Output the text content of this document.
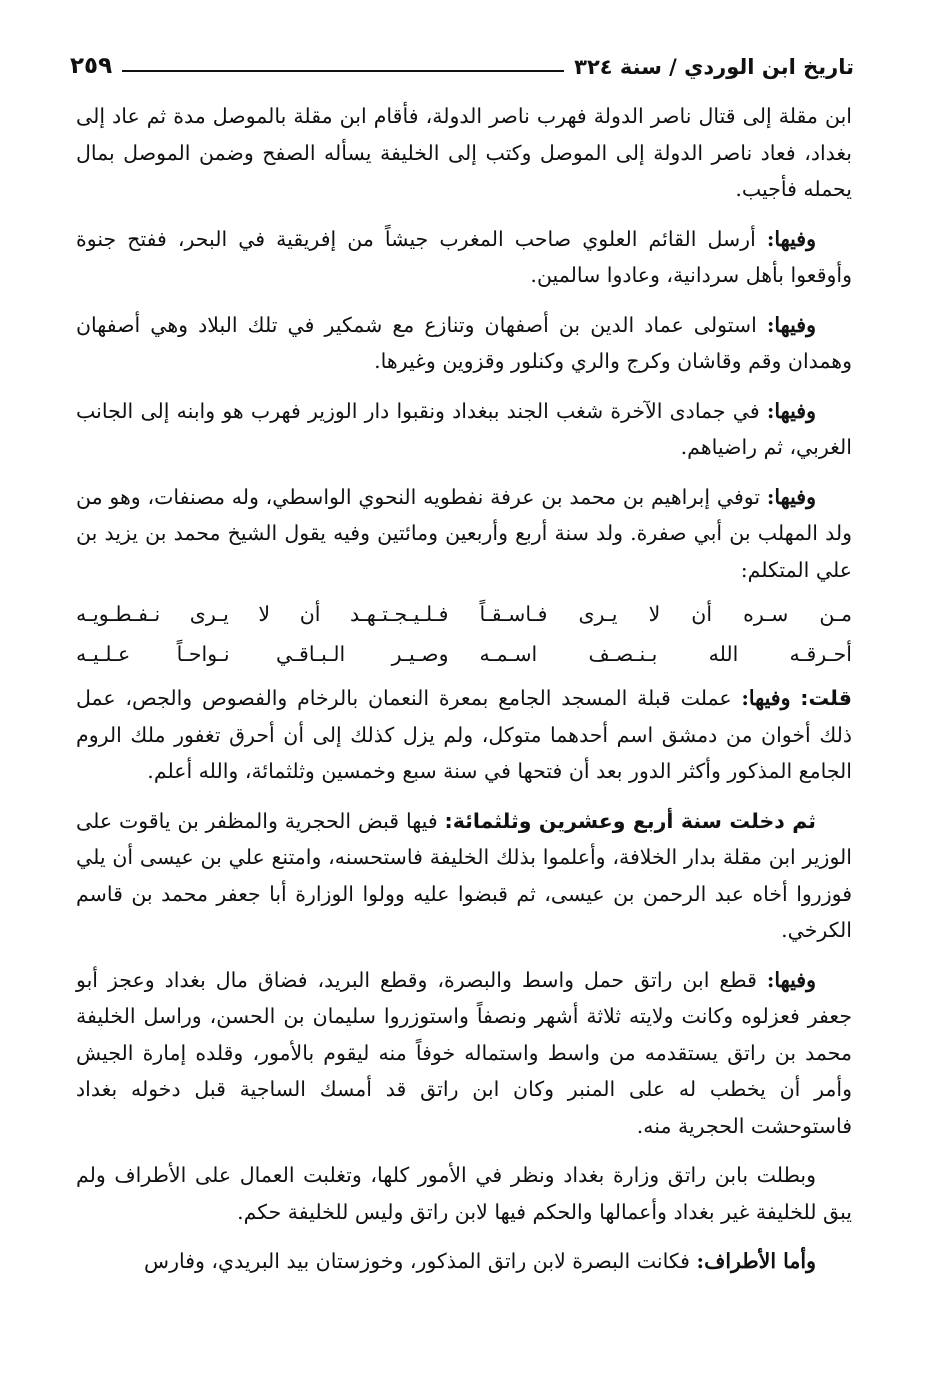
تاريخ ابن الوردي / سنة ٣٢٤
٢٥٩

ابن مقلة إلى قتال ناصر الدولة فهرب ناصر الدولة، فأقام ابن مقلة بالموصل مدة ثم عاد إلى بغداد، فعاد ناصر الدولة إلى الموصل وكتب إلى الخليفة يسأله الصفح وضمن الموصل بمال يحمله فأجيب.

وفيها: أرسل القائم العلوي صاحب المغرب جيشاً من إفريقية في البحر، ففتح جنوة وأوقعوا بأهل سردانية، وعادوا سالمين.

وفيها: استولى عماد الدين بن أصفهان وتنازع مع شمكير في تلك البلاد وهي أصفهان وهمدان وقم وقاشان وكرج والري وكنلور وقزوين وغيرها.

وفيها: في جمادى الآخرة شغب الجند ببغداد ونقبوا دار الوزير فهرب هو وابنه إلى الجانب الغربي، ثم راضياهم.

وفيها: توفي إبراهيم بن محمد بن عرفة نفطويه النحوي الواسطي، وله مصنفات، وهو من ولد المهلب بن أبي صفرة. ولد سنة أربع وأربعين ومائتين وفيه يقول الشيخ محمد بن يزيد بن علي المتكلم:

مـن سـره أن لا يـرى فـاسـقـاً
فـلـيـجـتـهـد أن لا يـرى نـفـطـويـه
أحـرقـه الله بـنـصـف اسـمـه
وصـيـر الـبـاقـي نـواحـاً عـلـيـه

قلت: وفيها: عملت قبلة المسجد الجامع بمعرة النعمان بالرخام والفصوص والجص، عمل ذلك أخوان من دمشق اسم أحدهما متوكل، ولم يزل كذلك إلى أن أحرق تغفور ملك الروم الجامع المذكور وأكثر الدور بعد أن فتحها في سنة سبع وخمسين وثلثمائة، والله أعلم.

ثم دخلت سنة أربع وعشرين وثلثمائة: فيها قبض الحجرية والمظفر بن ياقوت على الوزير ابن مقلة بدار الخلافة، وأعلموا بذلك الخليفة فاستحسنه، وامتنع علي بن عيسى أن يلي فوزروا أخاه عبد الرحمن بن عيسى، ثم قبضوا عليه وولوا الوزارة أبا جعفر محمد بن قاسم الكرخي.

وفيها: قطع ابن راتق حمل واسط والبصرة، وقطع البريد، فضاق مال بغداد وعجز أبو جعفر فعزلوه وكانت ولايته ثلاثة أشهر ونصفاً واستوزروا سليمان بن الحسن، وراسل الخليفة محمد بن راتق يستقدمه من واسط واستماله خوفاً منه ليقوم بالأمور، وقلده إمارة الجيش وأمر أن يخطب له على المنبر وكان ابن راتق قد أمسك الساجية قبل دخوله بغداد فاستوحشت الحجرية منه.

وبطلت بابن راتق وزارة بغداد ونظر في الأمور كلها، وتغلبت العمال على الأطراف ولم يبق للخليفة غير بغداد وأعمالها والحكم فيها لابن راتق وليس للخليفة حكم.

وأما الأطراف: فكانت البصرة لابن راتق المذكور، وخوزستان بيد البريدي، وفارس
